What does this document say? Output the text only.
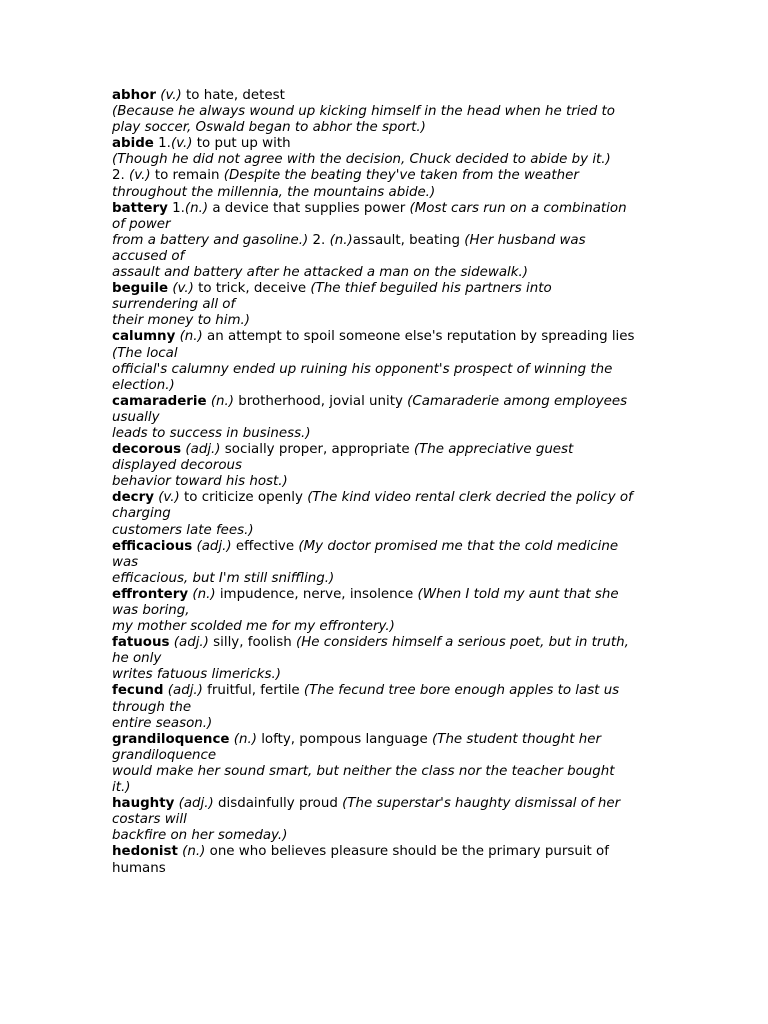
abhor (v.) to hate, detest
(Because he always wound up kicking himself in the head when he tried to
play soccer, Oswald began to abhor the sport.)
abide 1.(v.) to put up with
(Though he did not agree with the decision, Chuck decided to abide by it.)
2. (v.) to remain (Despite the beating they've taken from the weather
throughout the millennia, the mountains abide.)
battery 1.(n.) a device that supplies power (Most cars run on a combination
of power
from a battery and gasoline.) 2. (n.)assault, beating (Her husband was
accused of
assault and battery after he attacked a man on the sidewalk.)
beguile (v.) to trick, deceive (The thief beguiled his partners into
surrendering all of
their money to him.)
calumny (n.) an attempt to spoil someone else's reputation by spreading lies
(The local
official's calumny ended up ruining his opponent's prospect of winning the
election.)
camaraderie (n.) brotherhood, jovial unity (Camaraderie among employees
usually
leads to success in business.)
decorous (adj.) socially proper, appropriate (The appreciative guest
displayed decorous
behavior toward his host.)
decry (v.) to criticize openly (The kind video rental clerk decried the policy of
charging
customers late fees.)
efficacious (adj.) effective (My doctor promised me that the cold medicine
was
efficacious, but I'm still sniffling.)
effrontery (n.) impudence, nerve, insolence (When I told my aunt that she
was boring,
my mother scolded me for my effrontery.)
fatuous (adj.) silly, foolish (He considers himself a serious poet, but in truth,
he only
writes fatuous limericks.)
fecund (adj.) fruitful, fertile (The fecund tree bore enough apples to last us
through the
entire season.)
grandiloquence (n.) lofty, pompous language (The student thought her
grandiloquence
would make her sound smart, but neither the class nor the teacher bought
it.)
haughty (adj.) disdainfully proud (The superstar's haughty dismissal of her
costars will
backfire on her someday.)
hedonist (n.) one who believes pleasure should be the primary pursuit of
humans
